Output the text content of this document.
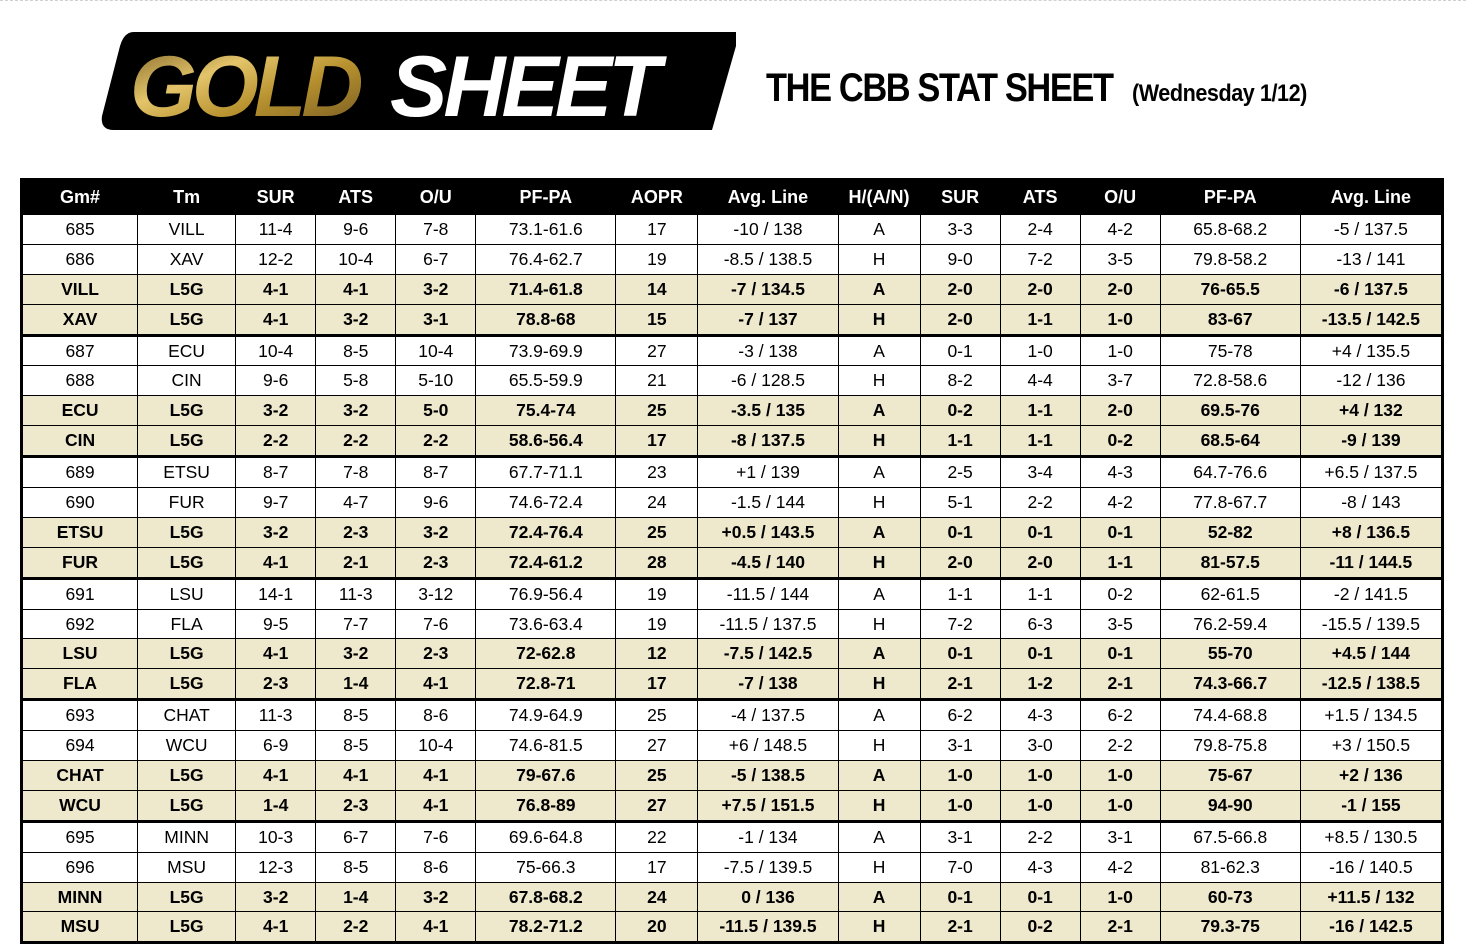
GOLD SHEET	THE CBB STAT SHEET (Wednesday 1/12)
Gm#	Tm	SUR	ATS	O/U	PF-PA	AOPR	Avg. Line	H/(A/N)	SUR	ATS	O/U	PF-PA	Avg. Line
685	VILL	11-4	9-6	7-8	73.1-61.6	17	-10 / 138	A	3-3	2-4	4-2	65.8-68.2	-5 / 137.5
686	XAV	12-2	10-4	6-7	76.4-62.7	19	-8.5 / 138.5	H	9-0	7-2	3-5	79.8-58.2	-13 / 141
VILL	L5G	4-1	4-1	3-2	71.4-61.8	14	-7 / 134.5	A	2-0	2-0	2-0	76-65.5	-6 / 137.5
XAV	L5G	4-1	3-2	3-1	78.8-68	15	-7 / 137	H	2-0	1-1	1-0	83-67	-13.5 / 142.5
687	ECU	10-4	8-5	10-4	73.9-69.9	27	-3 / 138	A	0-1	1-0	1-0	75-78	+4 / 135.5
688	CIN	9-6	5-8	5-10	65.5-59.9	21	-6 / 128.5	H	8-2	4-4	3-7	72.8-58.6	-12 / 136
ECU	L5G	3-2	3-2	5-0	75.4-74	25	-3.5 / 135	A	0-2	1-1	2-0	69.5-76	+4 / 132
CIN	L5G	2-2	2-2	2-2	58.6-56.4	17	-8 / 137.5	H	1-1	1-1	0-2	68.5-64	-9 / 139
689	ETSU	8-7	7-8	8-7	67.7-71.1	23	+1 / 139	A	2-5	3-4	4-3	64.7-76.6	+6.5 / 137.5
690	FUR	9-7	4-7	9-6	74.6-72.4	24	-1.5 / 144	H	5-1	2-2	4-2	77.8-67.7	-8 / 143
ETSU	L5G	3-2	2-3	3-2	72.4-76.4	25	+0.5 / 143.5	A	0-1	0-1	0-1	52-82	+8 / 136.5
FUR	L5G	4-1	2-1	2-3	72.4-61.2	28	-4.5 / 140	H	2-0	2-0	1-1	81-57.5	-11 / 144.5
691	LSU	14-1	11-3	3-12	76.9-56.4	19	-11.5 / 144	A	1-1	1-1	0-2	62-61.5	-2 / 141.5
692	FLA	9-5	7-7	7-6	73.6-63.4	19	-11.5 / 137.5	H	7-2	6-3	3-5	76.2-59.4	-15.5 / 139.5
LSU	L5G	4-1	3-2	2-3	72-62.8	12	-7.5 / 142.5	A	0-1	0-1	0-1	55-70	+4.5 / 144
FLA	L5G	2-3	1-4	4-1	72.8-71	17	-7 / 138	H	2-1	1-2	2-1	74.3-66.7	-12.5 / 138.5
693	CHAT	11-3	8-5	8-6	74.9-64.9	25	-4 / 137.5	A	6-2	4-3	6-2	74.4-68.8	+1.5 / 134.5
694	WCU	6-9	8-5	10-4	74.6-81.5	27	+6 / 148.5	H	3-1	3-0	2-2	79.8-75.8	+3 / 150.5
CHAT	L5G	4-1	4-1	4-1	79-67.6	25	-5 / 138.5	A	1-0	1-0	1-0	75-67	+2 / 136
WCU	L5G	1-4	2-3	4-1	76.8-89	27	+7.5 / 151.5	H	1-0	1-0	1-0	94-90	-1 / 155
695	MINN	10-3	6-7	7-6	69.6-64.8	22	-1 / 134	A	3-1	2-2	3-1	67.5-66.8	+8.5 / 130.5
696	MSU	12-3	8-5	8-6	75-66.3	17	-7.5 / 139.5	H	7-0	4-3	4-2	81-62.3	-16 / 140.5
MINN	L5G	3-2	1-4	3-2	67.8-68.2	24	0 / 136	A	0-1	0-1	1-0	60-73	+11.5 / 132
MSU	L5G	4-1	2-2	4-1	78.2-71.2	20	-11.5 / 139.5	H	2-1	0-2	2-1	79.3-75	-16 / 142.5
